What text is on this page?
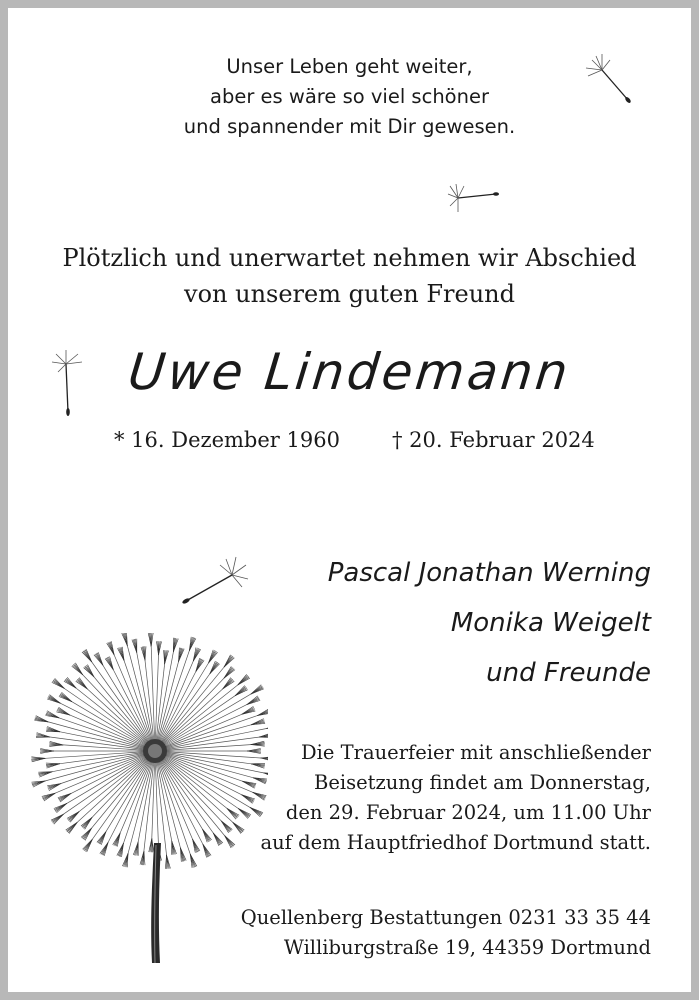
Unser Leben geht weiter,
aber es wäre so viel schöner
und spannender mit Dir gewesen.
Plötzlich und unerwartet nehmen wir Abschied
von unserem guten Freund
Uwe Lindemann
* 16. Dezember 1960 † 20. Februar 2024
Pascal Jonathan Werning
Monika Weigelt
und Freunde
Die Trauerfeier mit anschließender
Beisetzung findet am Donnerstag,
den 29. Februar 2024, um 11.00 Uhr
auf dem Hauptfriedhof Dortmund statt.
Quellenberg Bestattungen 0231 33 35 44
Williburgstraße 19, 44359 Dortmund
